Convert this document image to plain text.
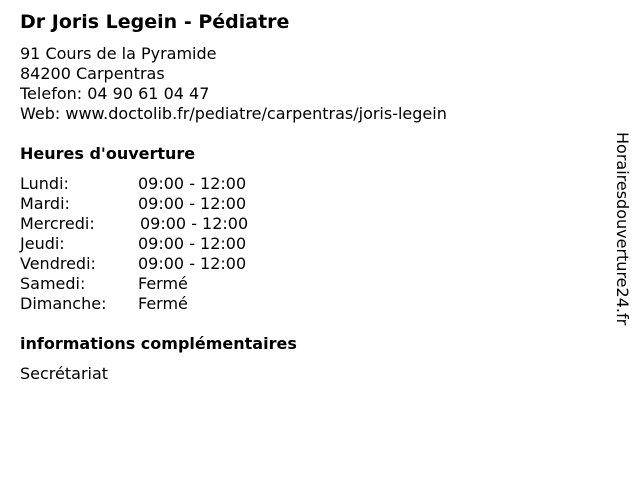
Dr Joris Legein - Pédiatre
91 Cours de la Pyramide
84200 Carpentras
Telefon: 04 90 61 04 47
Web: www.doctolib.fr/pediatre/carpentras/joris-legein
Heures d'ouverture
Lundi:	09:00 - 12:00
Mardi:	09:00 - 12:00
Mercredi:	09:00 - 12:00
Jeudi:	09:00 - 12:00
Vendredi:	09:00 - 12:00
Samedi:	Fermé
Dimanche: Fermé
informations complémentaires
Secrétariat
Horairesdouverture24.fr
